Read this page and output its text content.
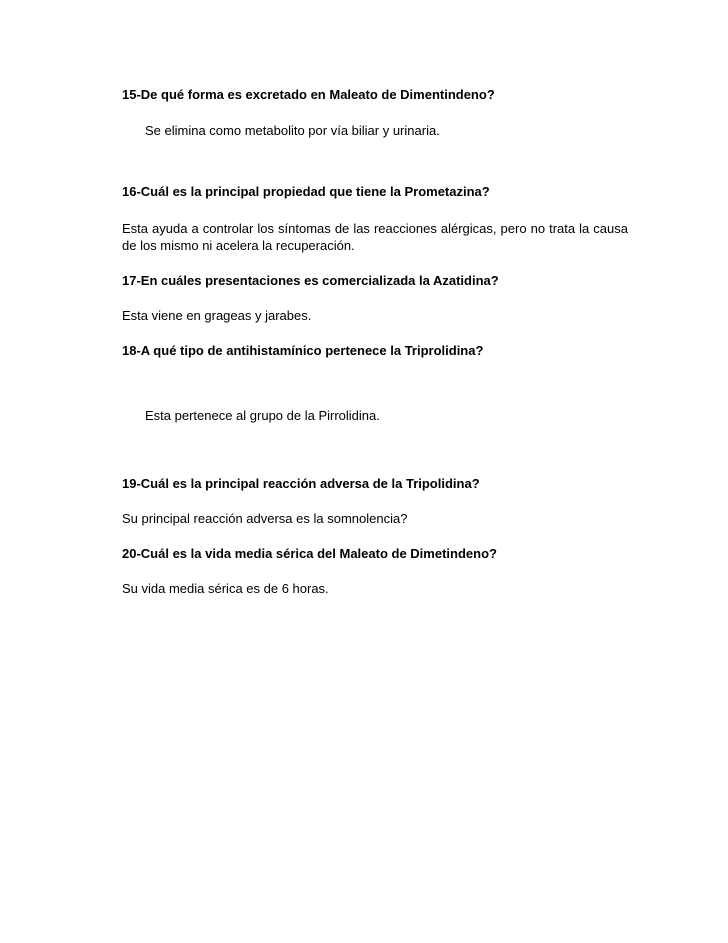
15-De qué forma es excretado en Maleato de Dimentindeno?
Se elimina como metabolito por vía biliar y urinaria.
16-Cuál es la principal propiedad que tiene la Prometazina?
Esta ayuda a controlar los síntomas de las reacciones alérgicas, pero no trata la causa de los mismo ni acelera la recuperación.
17-En cuáles presentaciones es comercializada la Azatidina?
Esta viene en grageas y jarabes.
18-A qué tipo de antihistamínico pertenece la Triprolidina?
Esta pertenece al grupo de la Pirrolidina.
19-Cuál es la principal reacción adversa de la Tripolidina?
Su principal reacción adversa es la somnolencia?
20-Cuál es la vida media sérica del Maleato de Dimetindeno?
Su vida media sérica es de 6 horas.
